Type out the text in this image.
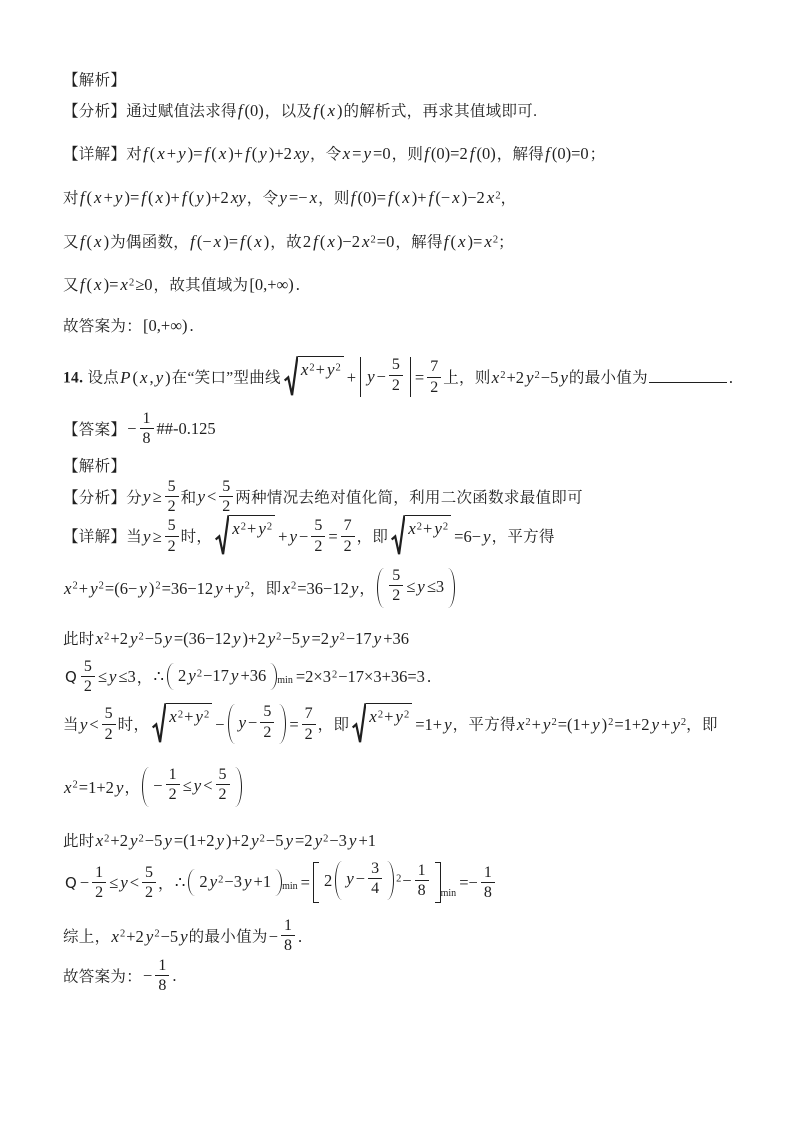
【解析】
【分析】通过赋值法求得f (0)，以及f ( x )的解析式，再求其值域即可.
【详解】对f ( x + y )= f ( x )+ f ( y )+2 xy，令x = y =0，则f (0)=2 f (0)，解得f (0)=0；
对f ( x + y )= f ( x )+ f ( y )+2 xy，令y =− x，则f (0)= f ( x )+ f (− x )−2 $x^2$，
又f ( x )为偶函数，f (− x )= f ( x )，故2 f ( x )−2 $x^2=0$，解得f ( x )= $x^2$；
又f ( x )= $x^2\ge 0$，故其值域为[0,+∞) .
故答案为：[0,+∞) .
14. 设点P ( x , y )在“笑口”型曲线 $x^2+ y^2 + y - \frac{5}{2} = \frac{7}{2}$ 上，则$x^2+2$ $y^2-5$ y的最小值为	.
【答案】− $\frac{1}{8}$ ##-0.125
【解析】
【分析】分$y \ge \frac{5}{2}$ 和$y < \frac{5}{2}$ 两种情况去绝对值化简，利用二次函数求最值即可
【详解】当$y \ge \frac{5}{2}$ 时， $x^2+ y^2 + y - \frac{5}{2} = \frac{7}{2}$ ，即 $x^2+ y^2 =6- y$，平方得
$x^2+ y^2=(6- y$ )$^2$=36−12 $y + y^2$，即$x^2=36-12$ y， $\frac{5}{2} \le y \le 3$
此时$x^2+2$ $y^2-5$ y =(36−12 y )+2 $y^2-5$ y =2 $y^2-17$ y +36
Q $\frac{5}{2} \le y \le 3$，∴ 2 $y^2-17$ y +36	$\min =2\times 3^2-17\times 3+36=3$ .
当$y < \frac{5}{2}$ 时， $x^2+ y^2 - y - \frac{5}{2} = \frac{7}{2}$ ，即 $x^2+ y^2 =1+ y$，平方得$x^2+ y^2=(1+ y$ )$^2$=1+2 $y + y^2$，即
$x^2=1+2$ y， − $\frac{1}{2} \le y < \frac{5}{2}$
此时$x^2+2$ $y^2-5$ y =(1+2 y )+2 $y^2-5$ y =2 $y^2-3$ y +1
$Q - \frac{1}{2} \le y < \frac{5}{2}$ ，∴ 2 $y^2-3$ y +1	min = 2 $y - \frac{3}{4} ^2- \frac{1}{8}$ min
=− $\frac{1}{8}$
综上，$x^2+2$ $y^2-5$ y的最小值为− $\frac{1}{8}$ .
故答案为：− $\frac{1}{8}$ .
